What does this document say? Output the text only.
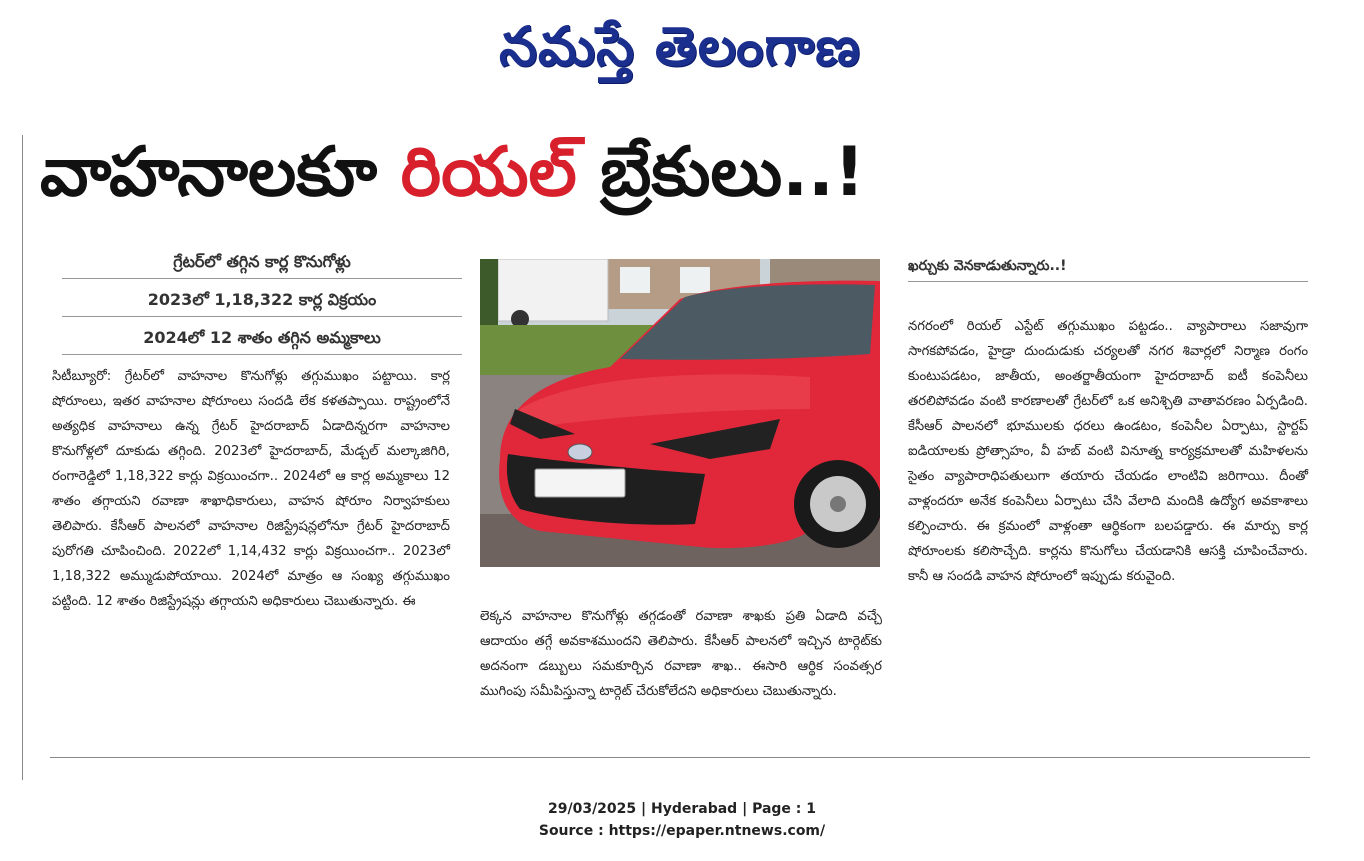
నమస్తే తెలంగాణ
వాహనాలకూ రియల్ బ్రేకులు..!
గ్రేటర్‌లో తగ్గిన కార్ల కొనుగోళ్లు
2023లో 1,18,322 కార్ల విక్రయం
2024లో 12 శాతం తగ్గిన అమ్మకాలు

సిటీబ్యూరో: గ్రేటర్‌లో వాహనాల కొనుగోళ్లు తగ్గుముఖం పట్టాయి. కార్ల షోరూంలు, ఇతర వాహనాల షోరూంలు సందడి లేక కళతప్పాయి. రాష్ట్రంలోనే అత్యధిక వాహనాలు ఉన్న గ్రేటర్ హైదరాబాద్ ఏడాదిన్నరగా వాహనాల కొనుగోళ్లలో దూకుడు తగ్గింది. 2023లో హైదరాబాద్, మేడ్చల్ మల్కాజిగిరి, రంగారెడ్డిలో 1,18,322 కార్లు విక్రయించగా.. 2024లో ఆ కార్ల అమ్మకాలు 12 శాతం తగ్గాయని రవాణా శాఖాధికారులు, వాహన షోరూం నిర్వాహకులు తెలిపారు. కేసీఆర్ పాలనలో వాహనాల రిజిస్ట్రేషన్లలోనూ గ్రేటర్ హైదరాబాద్ పురోగతి చూపించింది. 2022లో 1,14,432 కార్లు విక్రయించగా.. 2023లో 1,18,322 అమ్ముడుపోయాయి. 2024లో మాత్రం ఆ సంఖ్య తగ్గుముఖం పట్టింది. 12 శాతం రిజిస్ట్రేషన్లు తగ్గాయని అధికారులు చెబుతున్నారు. ఈ

లెక్కన వాహనాల కొనుగోళ్లు తగ్గడంతో రవాణా శాఖకు ప్రతి ఏడాది వచ్చే ఆదాయం తగ్గే అవకాశముందని తెలిపారు. కేసీఆర్ పాలనలో ఇచ్చిన టార్గెట్‌కు అదనంగా డబ్బులు సమకూర్చిన రవాణా శాఖ.. ఈసారి ఆర్థిక సంవత్సర ముగింపు సమీపిస్తున్నా టార్గెట్ చేరుకోలేదని అధికారులు చెబుతున్నారు.

ఖర్చుకు వెనకాడుతున్నారు..!

నగరంలో రియల్ ఎస్టేట్ తగ్గుముఖం పట్టడం.. వ్యాపారాలు సజావుగా సాగకపోవడం, హైడ్రా దుందుడుకు చర్యలతో నగర శివార్లలో నిర్మాణ రంగం కుంటుపడటం, జాతీయ, అంతర్జాతీయంగా హైదరాబాద్ ఐటీ కంపెనీలు తరలిపోవడం వంటి కారణాలతో గ్రేటర్‌లో ఒక అనిశ్చితి వాతావరణం ఏర్పడింది. కేసీఆర్ పాలనలో భూములకు ధరలు ఉండటం, కంపెనీల ఏర్పాటు, స్టార్టప్ ఐడియాలకు ప్రోత్సాహం, వీ హబ్ వంటి వినూత్న కార్యక్రమాలతో మహిళలను సైతం వ్యాపారాధిపతులుగా తయారు చేయడం లాంటివి జరిగాయి. దీంతో వాళ్లందరూ అనేక కంపెనీలు ఏర్పాటు చేసి వేలాది మందికి ఉద్యోగ అవకాశాలు కల్పించారు. ఈ క్రమంలో వాళ్లంతా ఆర్థికంగా బలపడ్డారు. ఈ మార్పు కార్ల షోరూంలకు కలిసొచ్చేది. కార్లను కొనుగోలు చేయడానికి ఆసక్తి చూపించేవారు. కానీ ఆ సందడి వాహన షోరూంలో ఇప్పుడు కరువైంది.

29/03/2025 | Hyderabad | Page : 1
Source : https://epaper.ntnews.com/
